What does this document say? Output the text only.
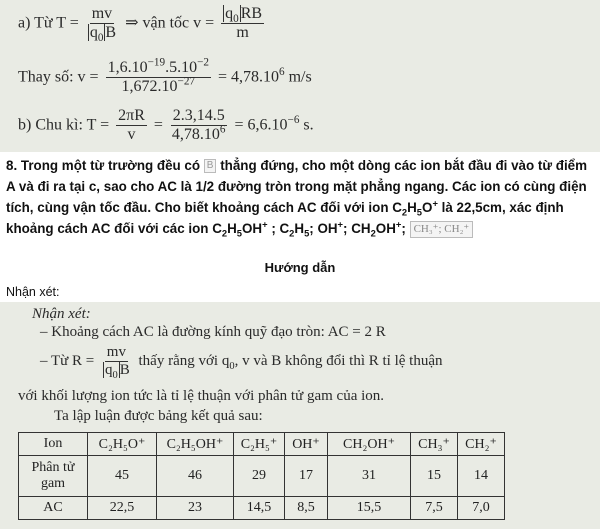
a) Từ $T = \frac{mv}{q_0 B}$ ⇒ vận tốc $v = \frac{q_0 RB}{m}$
Thay số: $v = \frac{1,6.10^{-19}.5.10^{-2}}{1,672.10^{-27}} = 4,78.10^6$ m/s
b) Chu kì: $T = \frac{2\pi R}{v} = \frac{2.3,14.5}{4,78.10^6} = 6,6.10^{-6}$ s.
8. Trong một từ trường đều có B thẳng đứng, cho một dòng các ion bắt đầu đi vào từ điểm A và đi ra tại c, sao cho AC là 1/2 đường tròn trong mặt phẳng ngang. Các ion có cùng điện tích, cùng vận tốc đầu. Cho biết khoảng cách AC đối với ion $C_2H_5O^+$ là 22,5cm, xác định khoảng cách AC đối với các ion $C_2H_5OH^+$ ; $C_2H_5$; OH+; $CH_2OH^+$; CH₃⁺; CH₂⁺
Hướng dẫn
Nhận xét:
Nhận xét:
– Khoảng cách AC là đường kính quỹ đạo tròn: AC = 2 R
– Từ $R = \frac{mv}{q_0 B}$ thấy rằng với $q_0$, v và B không đổi thì R tỉ lệ thuận
với khối lượng ion tức là tỉ lệ thuận với phân tử gam của ion.
Ta lập luận được bảng kết quả sau:
Ion	C₂H₅O⁺	C₂H₅OH⁺	C₂H₅⁺	OH⁺	CH₂OH⁺	CH₃⁺	CH₂⁺
Phân tử gam	45	46	29	17	31	15	14
AC	22,5	23	14,5	8,5	15,5	7,5	7,0
